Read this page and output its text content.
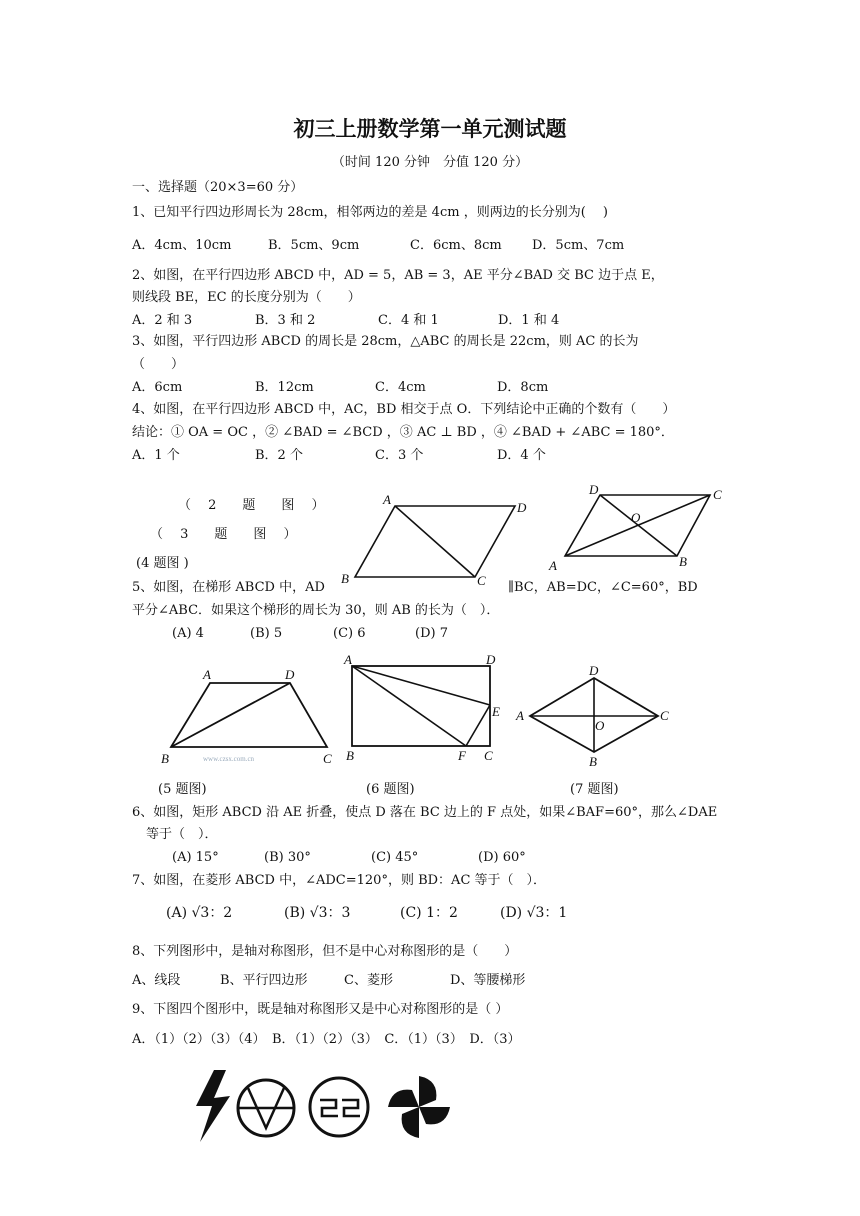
初三上册数学第一单元测试题
（时间 120 分钟　分值 120 分）
一、选择题（20×3=60 分）
1、已知平行四边形周长为 28cm，相邻两边的差是 4cm ，则两边的长分别为(　 )
A．4cm、10cm	B．5cm、9cm	C．6cm、8cm D．5cm、7cm
2、如图，在平行四边形 ABCD 中，AD = 5，AB = 3，AE 平分∠BAD 交 BC 边于点 E，
则线段 BE，EC 的长度分别为（　　）
A．2 和 3	B．3 和 2	C．4 和 1	D．1 和 4
3、如图，平行四边形 ABCD 的周长是 28cm，△ABC 的周长是 22cm，则 AC 的长为
（　　）
A．6cm	B．12cm	C．4cm	D．8cm
4、如图，在平行四边形 ABCD 中，AC，BD 相交于点 O．下列结论中正确的个数有（　　）
结论：① OA = OC ，② ∠BAD = ∠BCD ，③ AC ⊥ BD ，④ ∠BAD + ∠ABC = 180°．
A．1 个	B．2 个	C．3 个	D．4 个
（　 2　　题　　图　 ）
（　 3　　题　　图　 ）
(4 题图 )
A
D
B	C
D	C
O
A	B
5、如图，在梯形 ABCD 中，AD	∥BC，AB=DC，∠C=60°，BD
平分∠ABC．如果这个梯形的周长为 30，则 AB 的长为（　）．
(A) 4	(B) 5	(C) 6	(D) 7
A	D
B	C
www.czsx.com.cn
A	D
E
B	F C
D
A
O
C
B
(5 题图)	(6 题图)	(7 题图)
6、如图，矩形 ABCD 沿 AE 折叠，使点 D 落在 BC 边上的 F 点处，如果∠BAF=60°，那么∠DAE
等于（　）．
(A) 15°	(B) 30°	(C) 45°	(D) 60°
7、如图，在菱形 ABCD 中，∠ADC=120°，则 BD：AC 等于（　）．
(A) √3：2	(B) √3：3	(C) 1：2	(D) √3：1
8、下列图形中，是轴对称图形，但不是中心对称图形的是（　　）
A、线段	B、平行四边形	C、菱形	D、等腰梯形
9、下图四个图形中，既是轴对称图形又是中心对称图形的是（ ）
A．（1）（2）（3）（4）　B．（1）（2）（3）　C．（1）（3）　D．（3）
